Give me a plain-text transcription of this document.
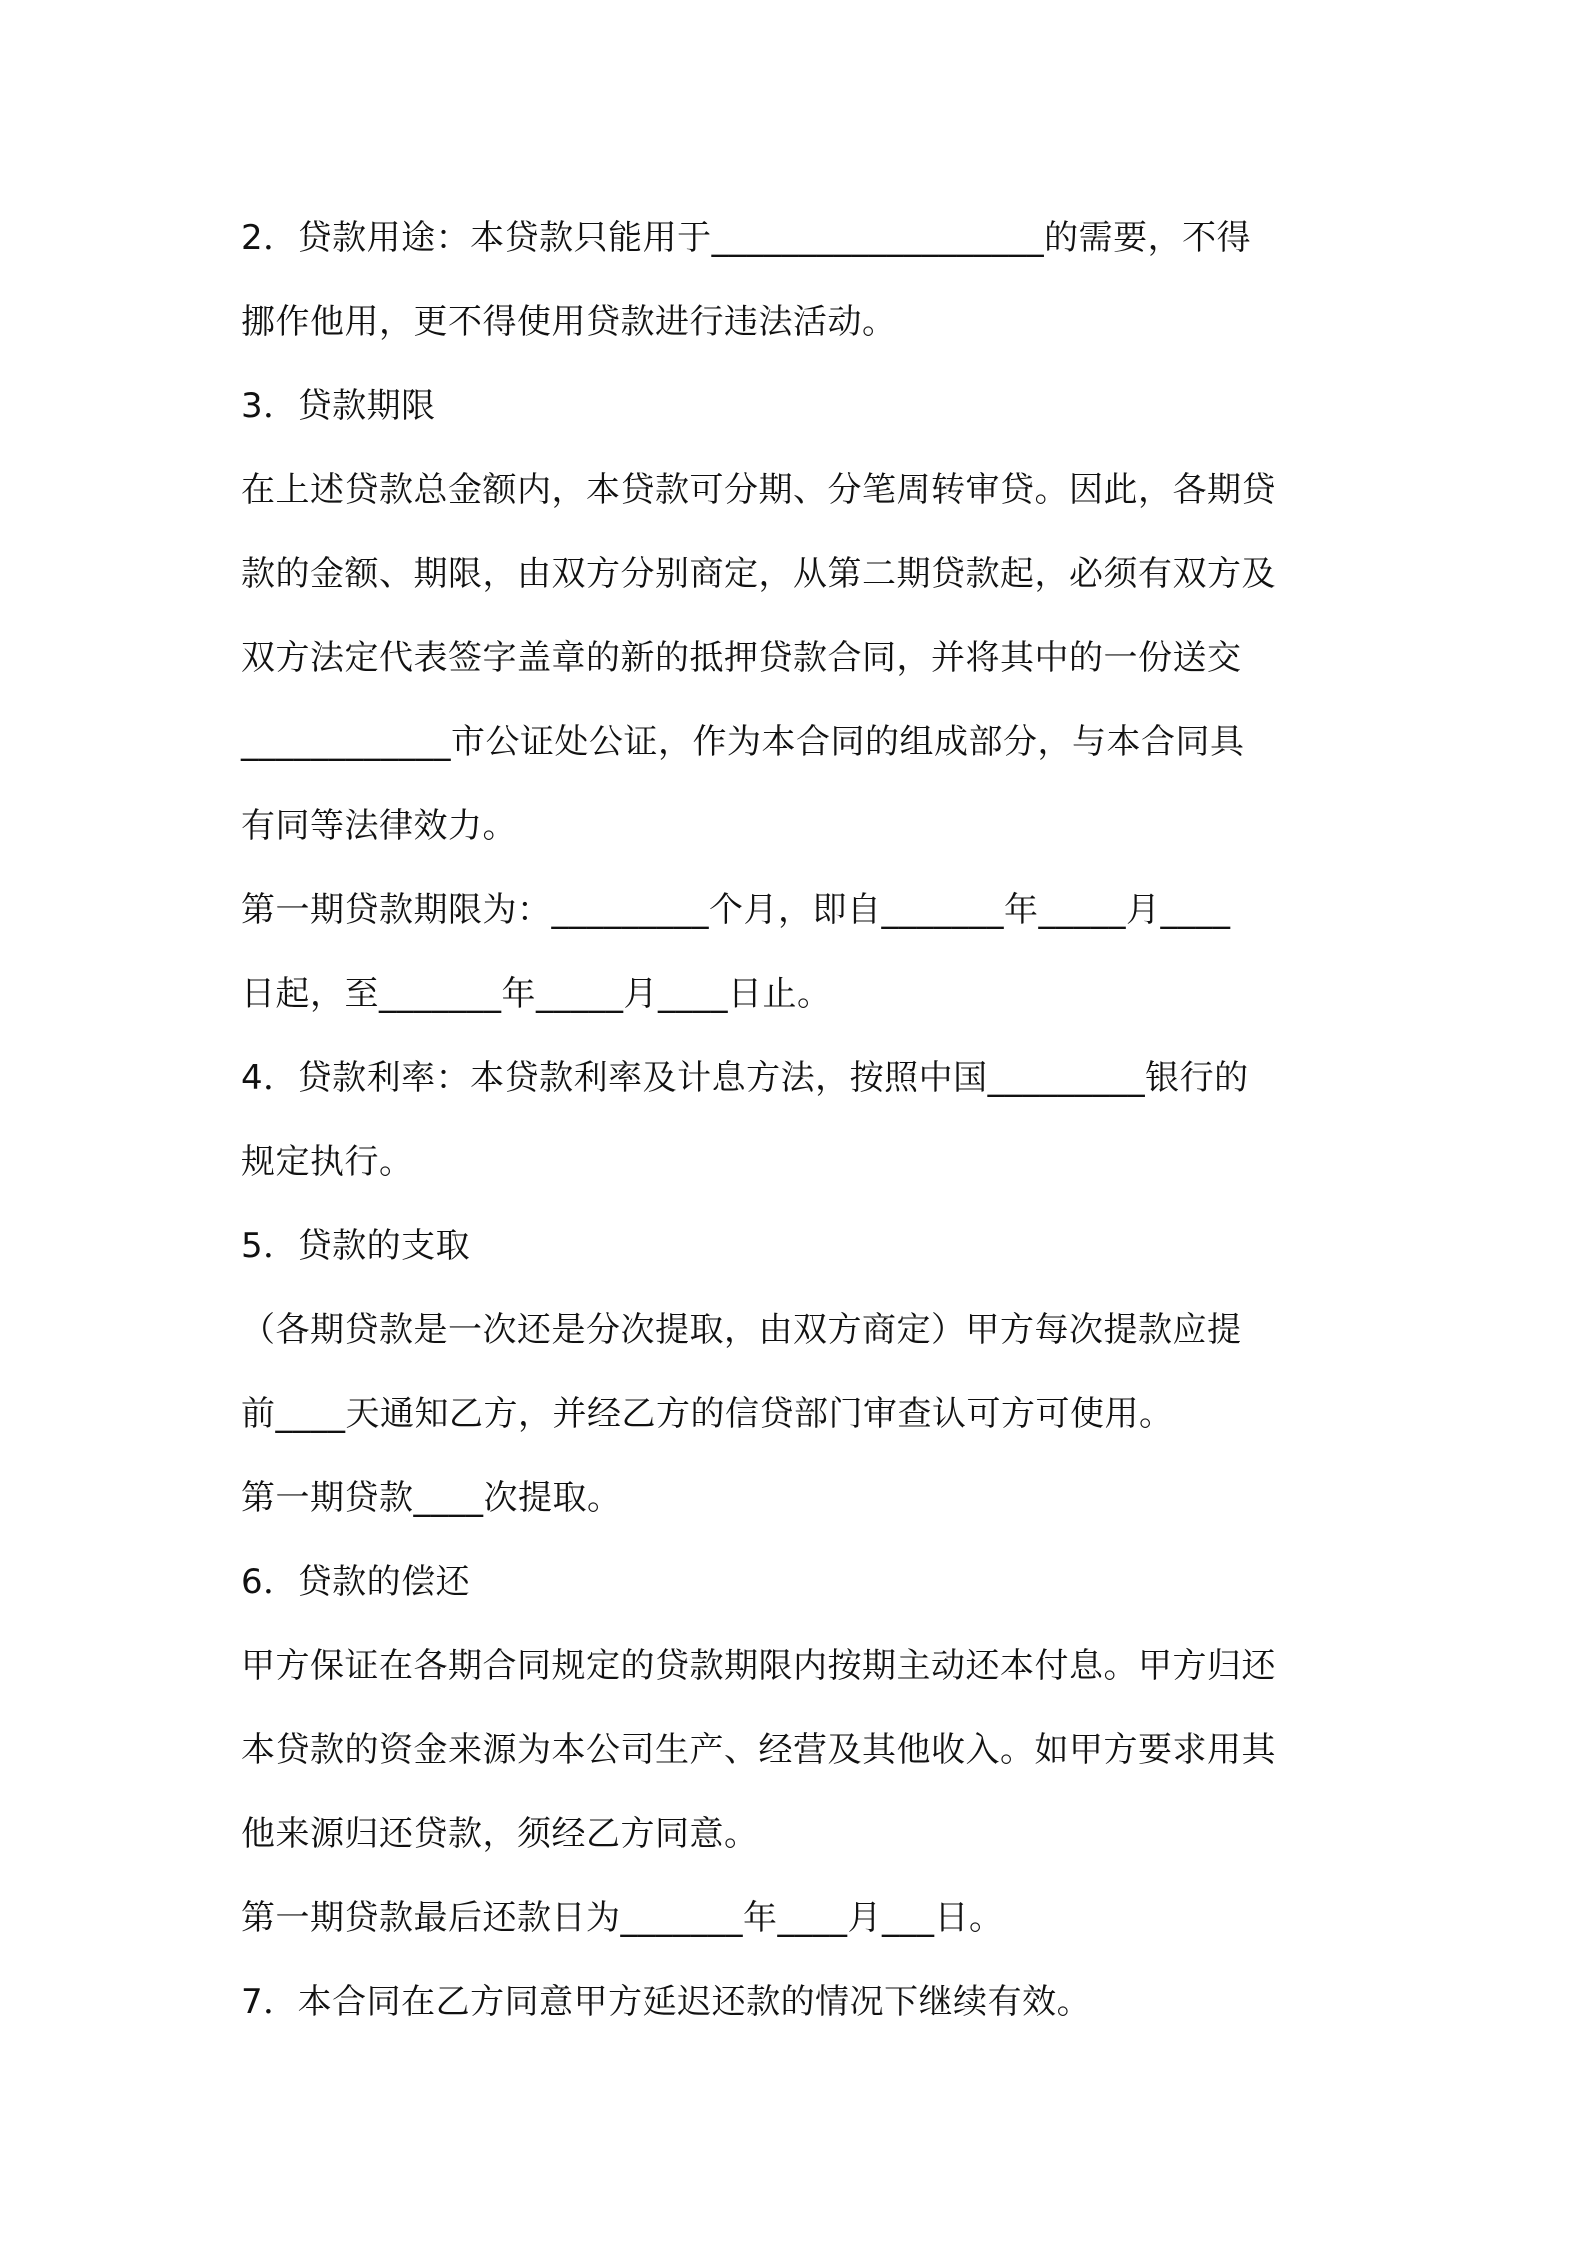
2．贷款用途：本贷款只能用于___________________的需要，不得
挪作他用，更不得使用贷款进行违法活动。
3．贷款期限
在上述贷款总金额内，本贷款可分期、分笔周转审贷。因此，各期贷
款的金额、期限，由双方分别商定，从第二期贷款起，必须有双方及
双方法定代表签字盖章的新的抵押贷款合同，并将其中的一份送交
____________市公证处公证，作为本合同的组成部分，与本合同具
有同等法律效力。
第一期贷款期限为：_________个月，即自_______年_____月____
日起，至_______年_____月____日止。
4．贷款利率：本贷款利率及计息方法，按照中国_________银行的
规定执行。
5．贷款的支取
（各期贷款是一次还是分次提取，由双方商定）甲方每次提款应提
前____天通知乙方，并经乙方的信贷部门审查认可方可使用。
第一期贷款____次提取。
6．贷款的偿还
甲方保证在各期合同规定的贷款期限内按期主动还本付息。甲方归还
本贷款的资金来源为本公司生产、经营及其他收入。如甲方要求用其
他来源归还贷款，须经乙方同意。
第一期贷款最后还款日为_______年____月___日。
7．本合同在乙方同意甲方延迟还款的情况下继续有效。
